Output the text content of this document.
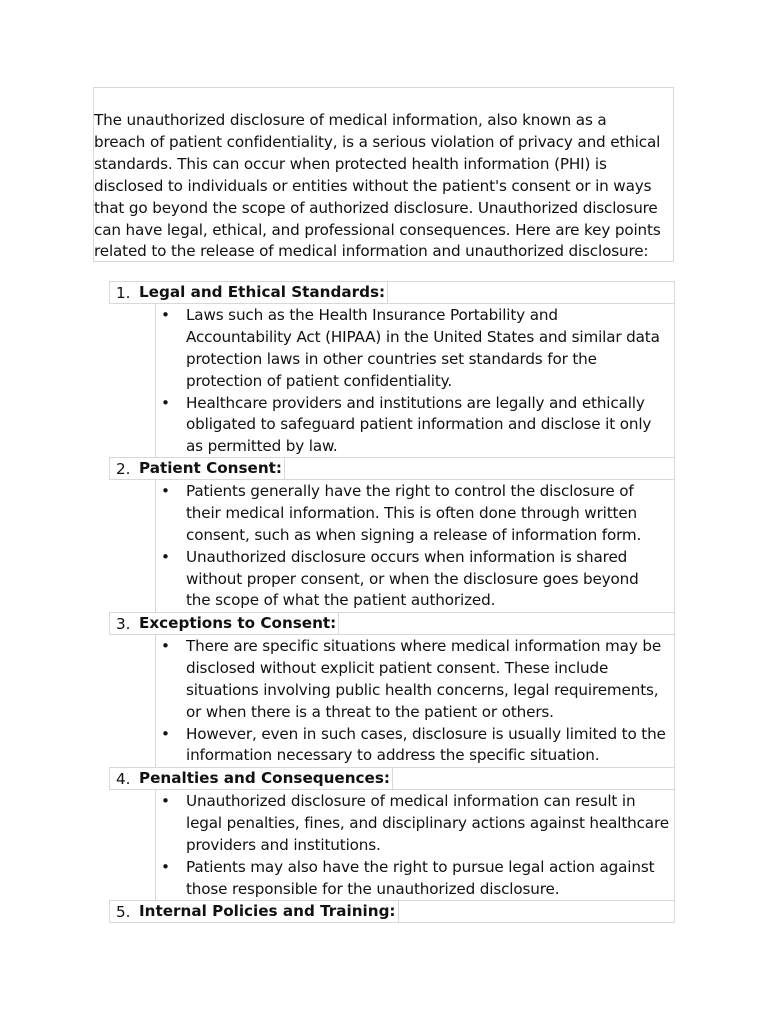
The unauthorized disclosure of medical information, also known as a
breach of patient confidentiality, is a serious violation of privacy and ethical
standards. This can occur when protected health information (PHI) is
disclosed to individuals or entities without the patient's consent or in ways
that go beyond the scope of authorized disclosure. Unauthorized disclosure
can have legal, ethical, and professional consequences. Here are key points
related to the release of medical information and unauthorized disclosure:

1. Legal and Ethical Standards:
• Laws such as the Health Insurance Portability and
Accountability Act (HIPAA) in the United States and similar data
protection laws in other countries set standards for the
protection of patient confidentiality.
• Healthcare providers and institutions are legally and ethically
obligated to safeguard patient information and disclose it only
as permitted by law.
2. Patient Consent:
• Patients generally have the right to control the disclosure of
their medical information. This is often done through written
consent, such as when signing a release of information form.
• Unauthorized disclosure occurs when information is shared
without proper consent, or when the disclosure goes beyond
the scope of what the patient authorized.
3. Exceptions to Consent:
• There are specific situations where medical information may be
disclosed without explicit patient consent. These include
situations involving public health concerns, legal requirements,
or when there is a threat to the patient or others.
• However, even in such cases, disclosure is usually limited to the
information necessary to address the specific situation.
4. Penalties and Consequences:
• Unauthorized disclosure of medical information can result in
legal penalties, fines, and disciplinary actions against healthcare
providers and institutions.
• Patients may also have the right to pursue legal action against
those responsible for the unauthorized disclosure.
5. Internal Policies and Training:
